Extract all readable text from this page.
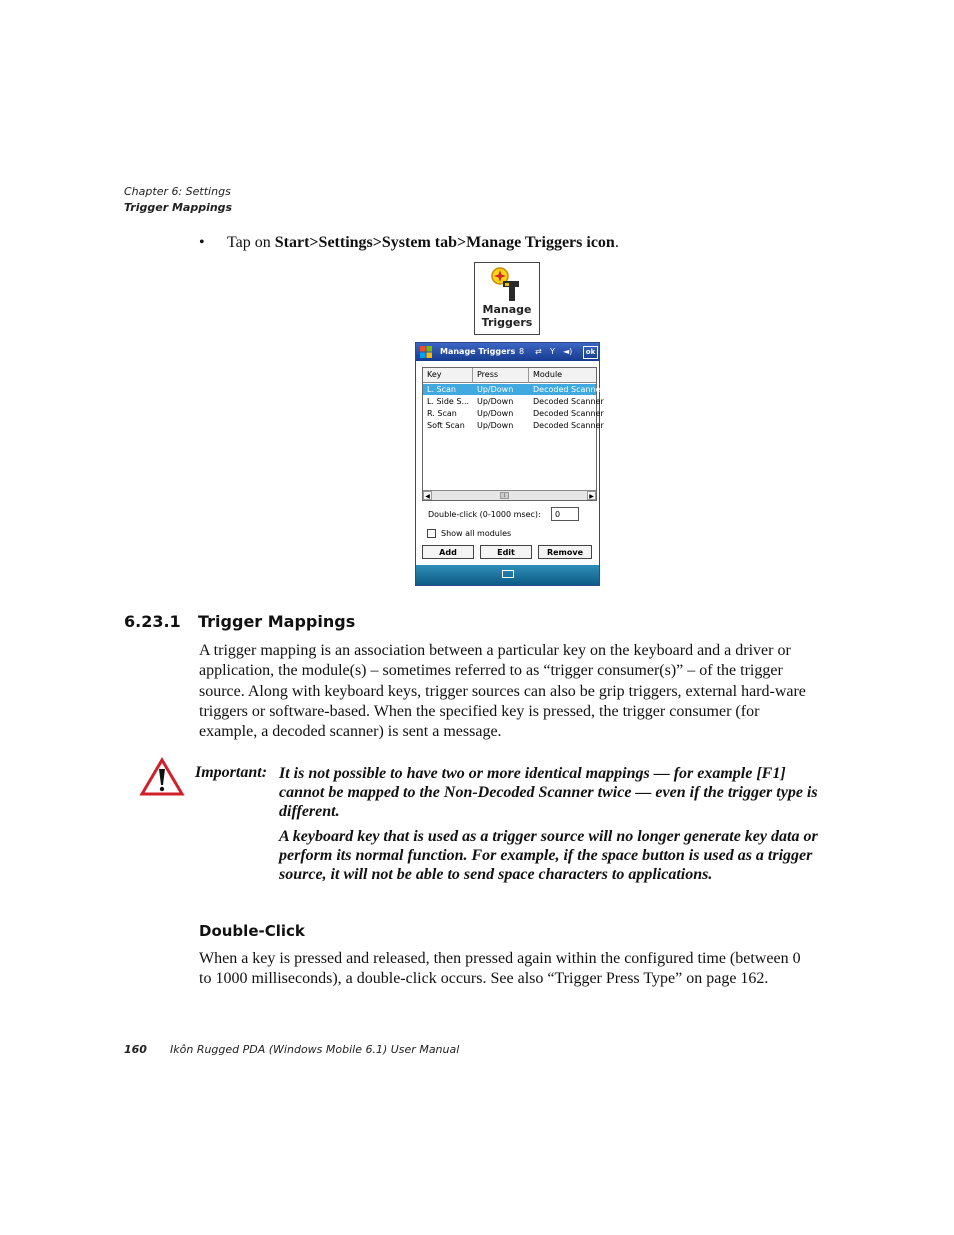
Chapter 6: Settings
Trigger Mappings
• Tap on Start>Settings>System tab>Manage Triggers icon.
Manage
Triggers
Manage Triggers 8 ⇄ Y ◄)	ok
Key	Press	Module
L. Scan	Up/Down	Decoded Scanner
L. Side S... Up/Down	Decoded Scanner
R. Scan	Up/Down	Decoded Scanner
Soft Scan	Up/Down	Decoded Scanner
◀	⁞	▶
Double-click (0-1000 msec):	0
Show all modules
Add	Edit	Remove
6.23.1 Trigger Mappings
A trigger mapping is an association between a particular key on the keyboard and a driver or application, the module(s) – sometimes referred to as “trigger consumer(s)” – of the trigger source. Along with keyboard keys, trigger sources can also be grip triggers, external hard-ware triggers or software-based. When the specified key is pressed, the trigger consumer (for example, a decoded scanner) is sent a message.
Important: It is not possible to have two or more identical mappings — for example [F1] cannot be mapped to the Non-Decoded Scanner twice — even if the trigger type is different.
A keyboard key that is used as a trigger source will no longer generate key data or perform its normal function. For example, if the space button is used as a trigger source, it will not be able to send space characters to applications.
Double-Click
When a key is pressed and released, then pressed again within the configured time (between 0 to 1000 milliseconds), a double-click occurs. See also “Trigger Press Type” on page 162.
160 Ikôn Rugged PDA (Windows Mobile 6.1) User Manual
